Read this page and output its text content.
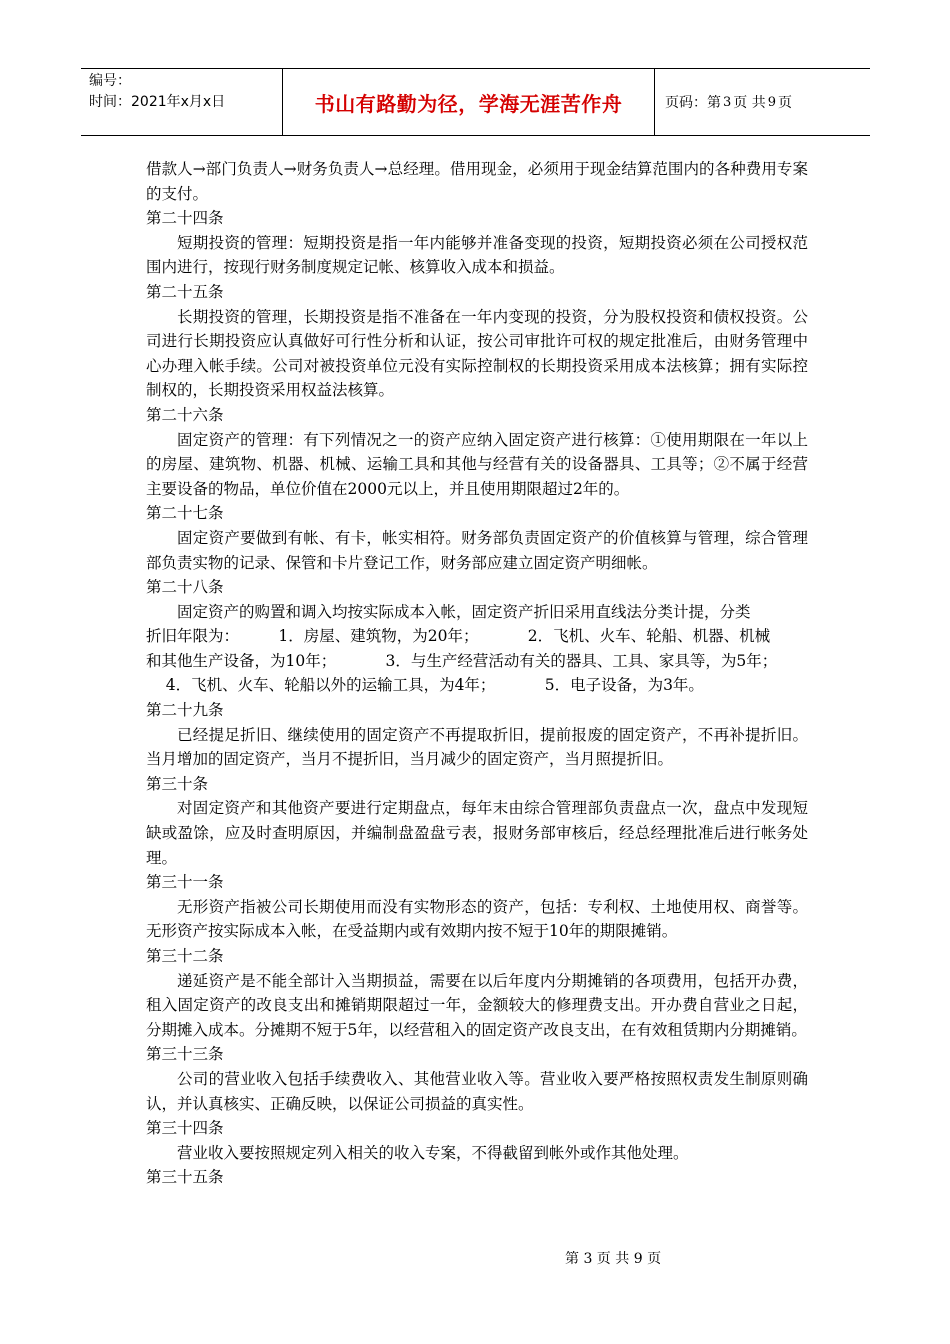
编号：
时间：2021年x月x日	书山有路勤为径，学海无涯苦作舟	页码：第 3 页 共 9 页

借款人→部门负责人→财务负责人→总经理。借用现金，必须用于现金结算范围内的各种费用专案的支付。

第二十四条

短期投资的管理：短期投资是指一年内能够并准备变现的投资，短期投资必须在公司授权范围内进行，按现行财务制度规定记帐、核算收入成本和损益。

第二十五条

长期投资的管理，长期投资是指不准备在一年内变现的投资，分为股权投资和债权投资。公司进行长期投资应认真做好可行性分析和认证，按公司审批许可权的规定批准后，由财务管理中心办理入帐手续。公司对被投资单位元没有实际控制权的长期投资采用成本法核算；拥有实际控制权的，长期投资采用权益法核算。

第二十六条

固定资产的管理：有下列情况之一的资产应纳入固定资产进行核算：①使用期限在一年以上的房屋、建筑物、机器、机械、运输工具和其他与经营有关的设备器具、工具等；②不属于经营主要设备的物品，单位价值在2000元以上，并且使用期限超过2年的。

第二十七条

固定资产要做到有帐、有卡，帐实相符。财务部负责固定资产的价值核算与管理，综合管理部负责实物的记录、保管和卡片登记工作，财务部应建立固定资产明细帐。

第二十八条

固定资产的购置和调入均按实际成本入帐，固定资产折旧采用直线法分类计提，分类

折旧年限为：        1．房屋、建筑物，为20年；          2．飞机、火车、轮船、机器、机械

和其他生产设备，为10年；          3．与生产经营活动有关的器具、工具、家具等，为5年；

4．飞机、火车、轮船以外的运输工具，为4年；          5．电子设备，为3年。

第二十九条

已经提足折旧、继续使用的固定资产不再提取折旧，提前报废的固定资产，不再补提折旧。当月增加的固定资产，当月不提折旧，当月减少的固定资产，当月照提折旧。

第三十条

对固定资产和其他资产要进行定期盘点，每年末由综合管理部负责盘点一次，盘点中发现短缺或盈馀，应及时查明原因，并编制盘盈盘亏表，报财务部审核后，经总经理批准后进行帐务处理。

第三十一条

无形资产指被公司长期使用而没有实物形态的资产，包括：专利权、土地使用权、商誉等。无形资产按实际成本入帐，在受益期内或有效期内按不短于10年的期限摊销。

第三十二条

递延资产是不能全部计入当期损益，需要在以后年度内分期摊销的各项费用，包括开办费，租入固定资产的改良支出和摊销期限超过一年，金额较大的修理费支出。开办费自营业之日起，分期摊入成本。分摊期不短于5年，以经营租入的固定资产改良支出，在有效租赁期内分期摊销。

第三十三条

公司的营业收入包括手续费收入、其他营业收入等。营业收入要严格按照权责发生制原则确认，并认真核实、正确反映，以保证公司损益的真实性。

第三十四条

营业收入要按照规定列入相关的收入专案，不得截留到帐外或作其他处理。

第三十五条

第 3 页 共 9 页
